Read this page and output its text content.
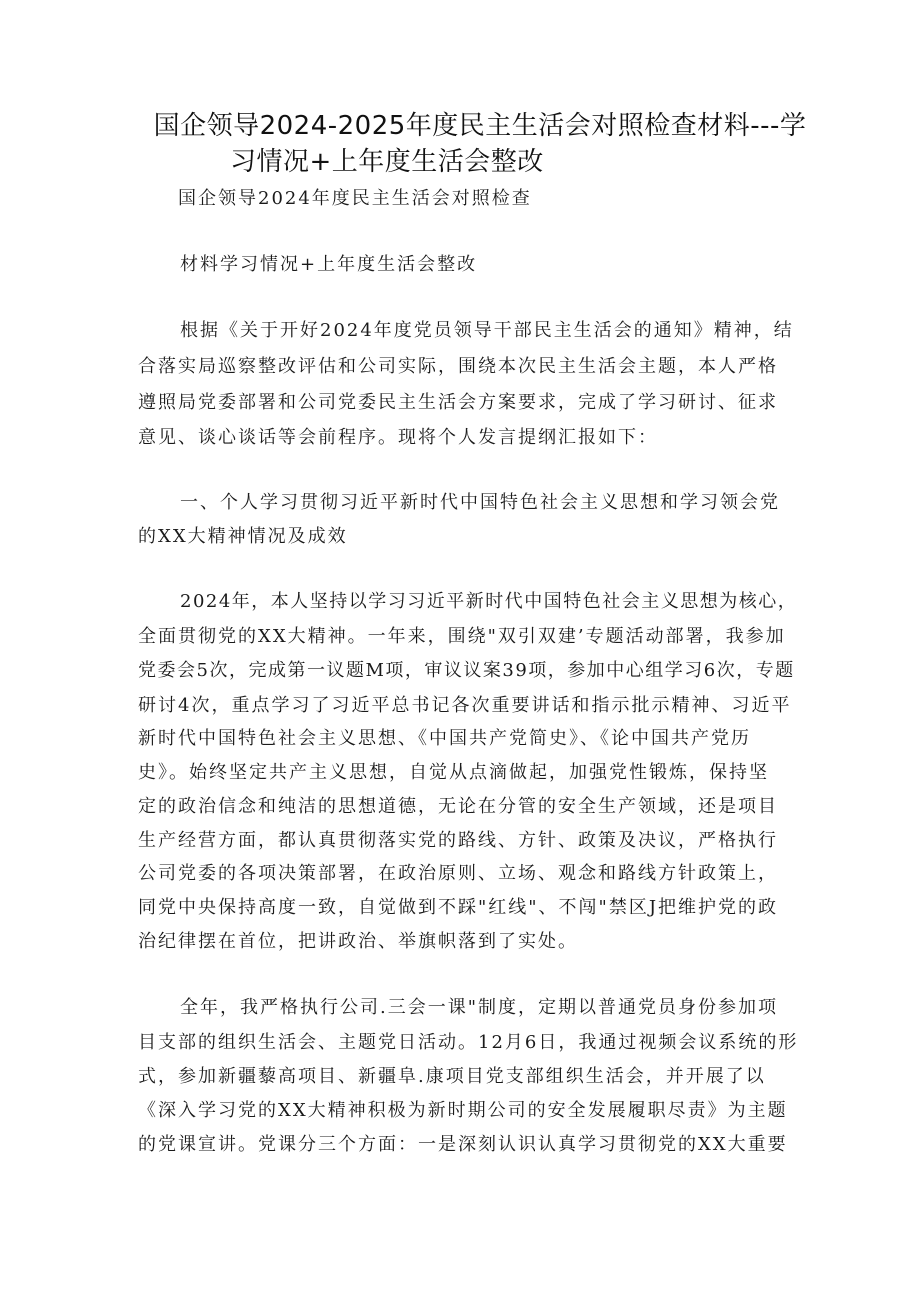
国企领导2024-2025年度民主生活会对照检查材料---学
习情况+上年度生活会整改
国企领导2024年度民主生活会对照检查
材料学习情况+上年度生活会整改
根据《关于开好2024年度党员领导干部民主生活会的通知》精神，结
合落实局巡察整改评估和公司实际，围绕本次民主生活会主题，本人严格
遵照局党委部署和公司党委民主生活会方案要求，完成了学习研讨、征求
意见、谈心谈话等会前程序。现将个人发言提纲汇报如下：
一、个人学习贯彻习近平新时代中国特色社会主义思想和学习领会党
的XX大精神情况及成效
2024年，本人坚持以学习习近平新时代中国特色社会主义思想为核心，
全面贯彻党的XX大精神。一年来，围绕"双引双建’专题活动部署，我参加
党委会5次，完成第一议题M项，审议议案39项，参加中心组学习6次，专题
研讨4次，重点学习了习近平总书记各次重要讲话和指示批示精神、习近平
新时代中国特色社会主义思想、《中国共产党简史》、《论中国共产党历
史》。始终坚定共产主义思想，自觉从点滴做起，加强党性锻炼，保持坚
定的政治信念和纯洁的思想道德，无论在分管的安全生产领域，还是项目
生产经营方面，都认真贯彻落实党的路线、方针、政策及决议，严格执行
公司党委的各项决策部署，在政治原则、立场、观念和路线方针政策上，
同党中央保持高度一致，自觉做到不踩"红线"、不闯"禁区J把维护党的政
治纪律摆在首位，把讲政治、举旗帜落到了实处。
全年，我严格执行公司.三会一课"制度，定期以普通党员身份参加项
目支部的组织生活会、主题党日活动。12月6日，我通过视频会议系统的形
式，参加新疆藜高项目、新疆阜.康项目党支部组织生活会，并开展了以
《深入学习党的XX大精神积极为新时期公司的安全发展履职尽责》为主题
的党课宣讲。党课分三个方面：一是深刻认识认真学习贯彻党的XX大重要
